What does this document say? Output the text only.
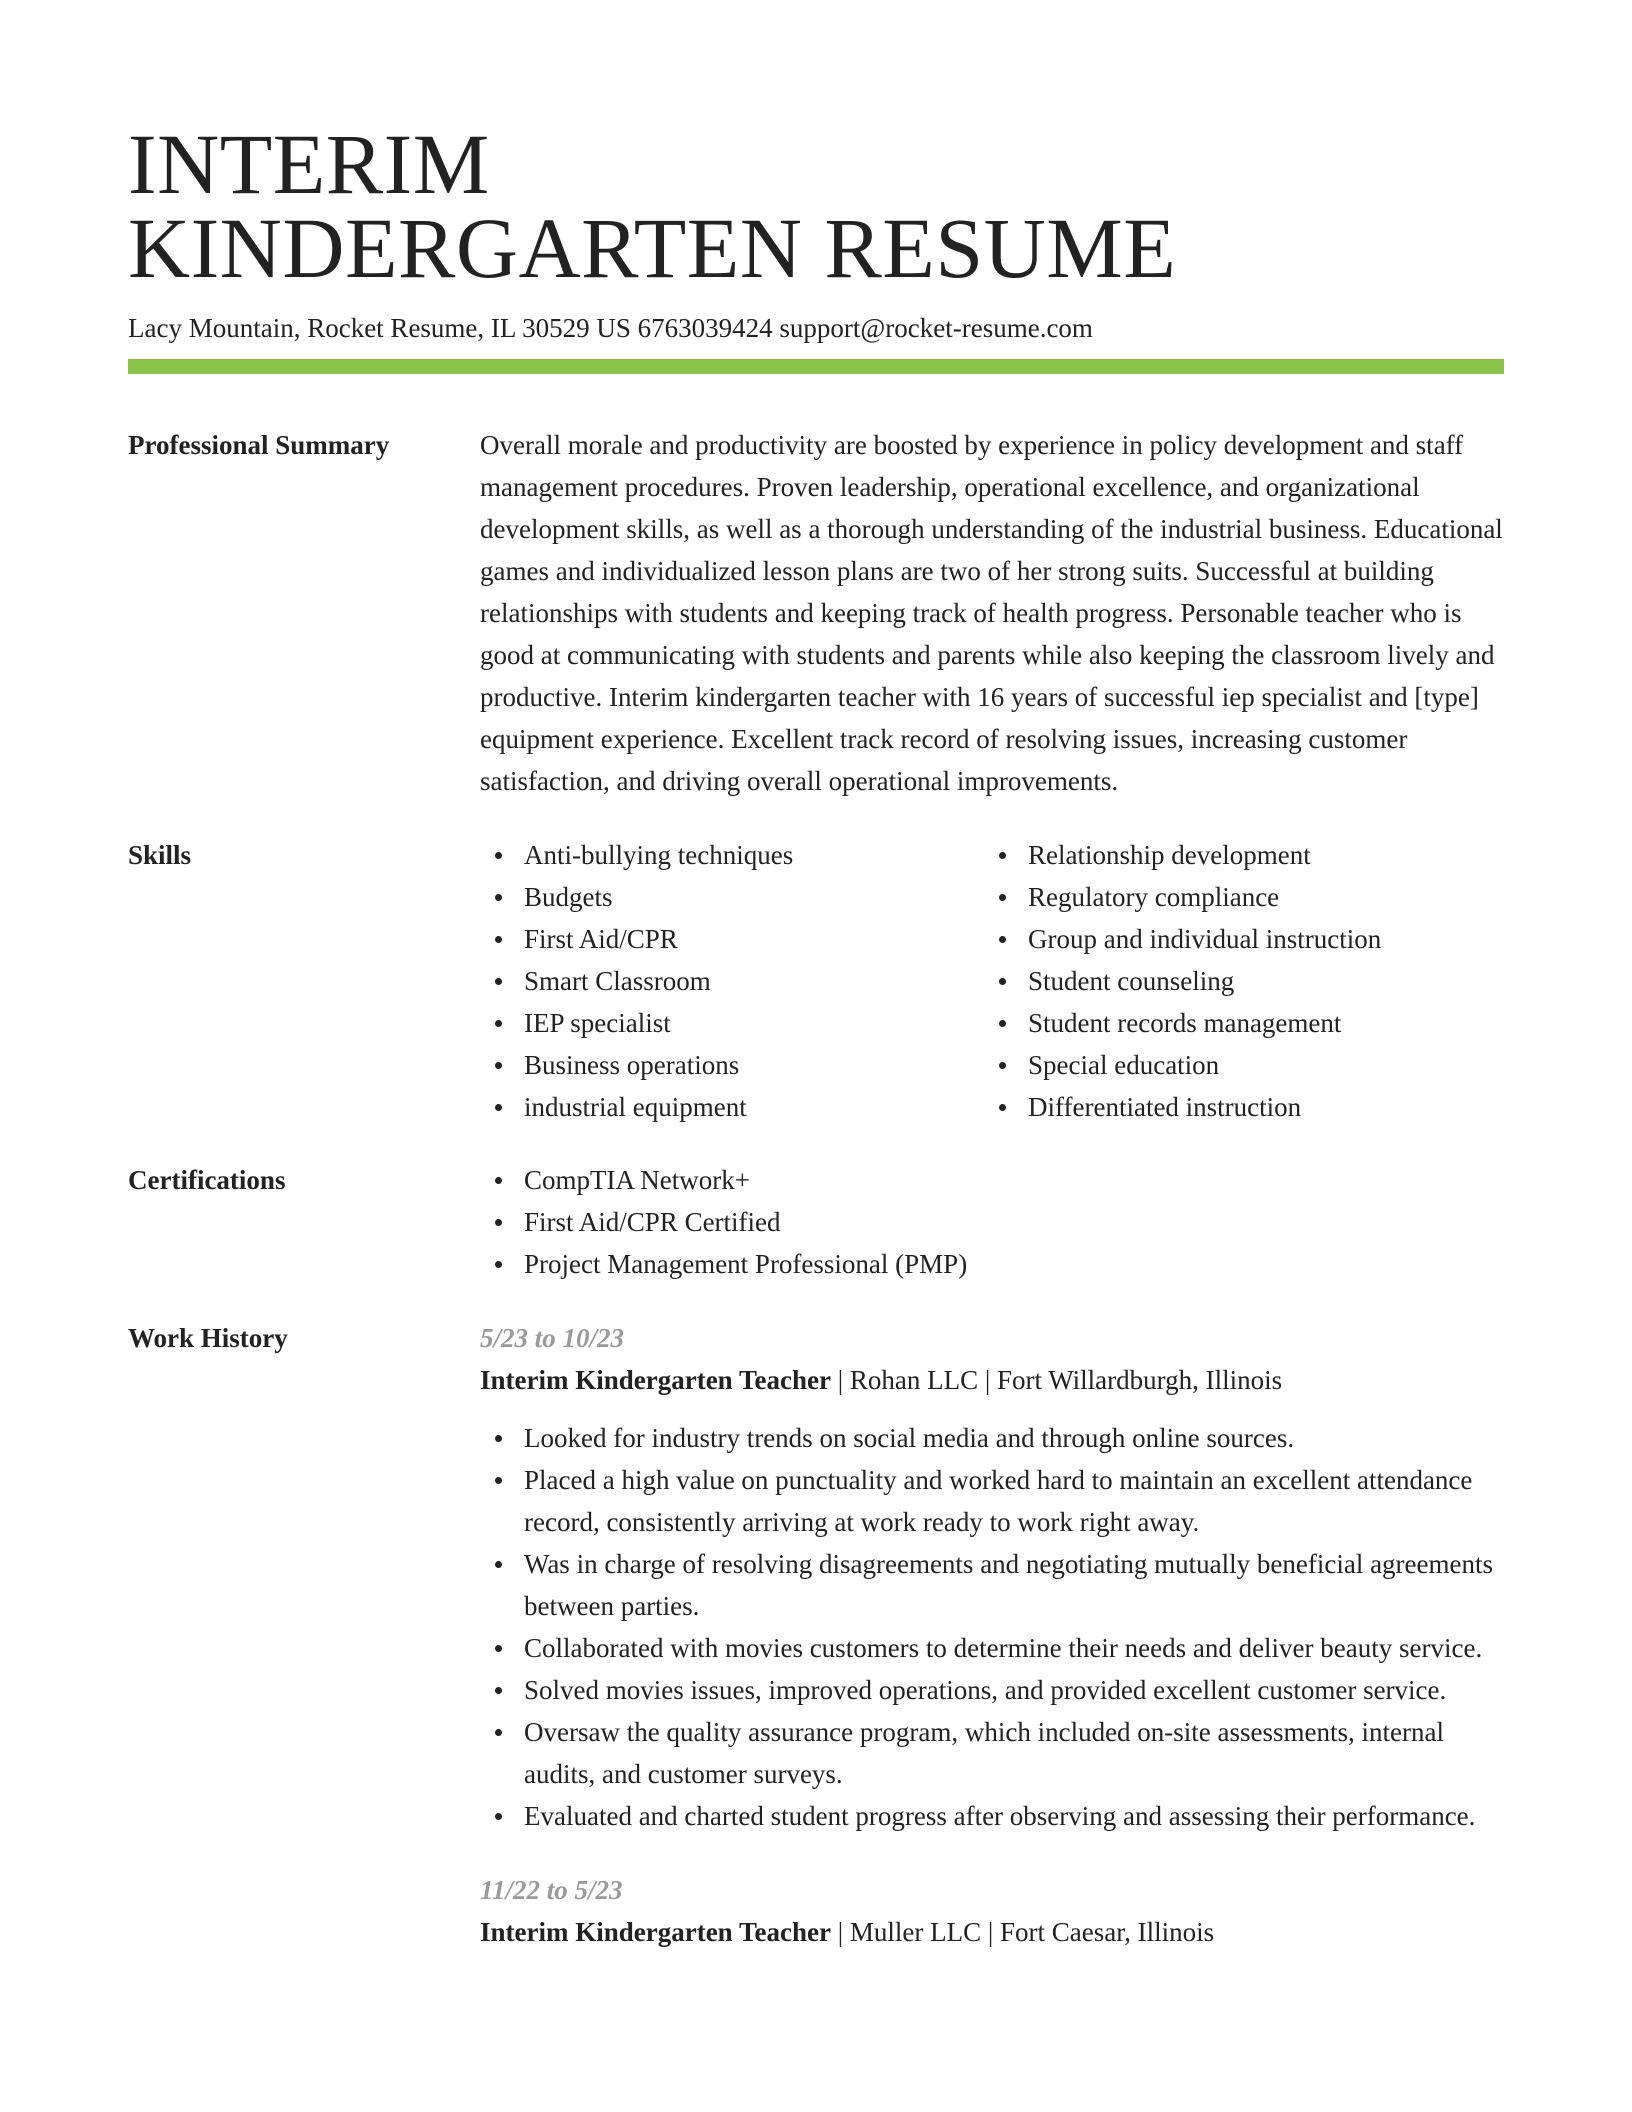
INTERIM
KINDERGARTEN RESUME
Lacy Mountain, Rocket Resume, IL 30529 US 6763039424 support@rocket-resume.com
Professional Summary	Overall morale and productivity are boosted by experience in policy development and staff management procedures. Proven leadership, operational excellence, and organizational development skills, as well as a thorough understanding of the industrial business. Educational games and individualized lesson plans are two of her strong suits. Successful at building relationships with students and keeping track of health progress. Personable teacher who is good at communicating with students and parents while also keeping the classroom lively and productive. Interim kindergarten teacher with 16 years of successful iep specialist and [type] equipment experience. Excellent track record of resolving issues, increasing customer satisfaction, and driving overall operational improvements.

Skills	Anti-bullying techniques
Budgets
First Aid/CPR
Smart Classroom
IEP specialist
Business operations
industrial equipment
Relationship development
Regulatory compliance
Group and individual instruction
Student counseling
Student records management
Special education
Differentiated instruction
Certifications	CompTIA Network+
First Aid/CPR Certified
Project Management Professional (PMP)
Work History	5/23 to 10/23
Interim Kindergarten Teacher | Rohan LLC | Fort Willardburgh, Illinois
Looked for industry trends on social media and through online sources.
Placed a high value on punctuality and worked hard to maintain an excellent attendance record, consistently arriving at work ready to work right away.
Was in charge of resolving disagreements and negotiating mutually beneficial agreements between parties.
Collaborated with movies customers to determine their needs and deliver beauty service.
Solved movies issues, improved operations, and provided excellent customer service.
Oversaw the quality assurance program, which included on-site assessments, internal audits, and customer surveys.
Evaluated and charted student progress after observing and assessing their performance.
11/22 to 5/23
Interim Kindergarten Teacher | Muller LLC | Fort Caesar, Illinois
